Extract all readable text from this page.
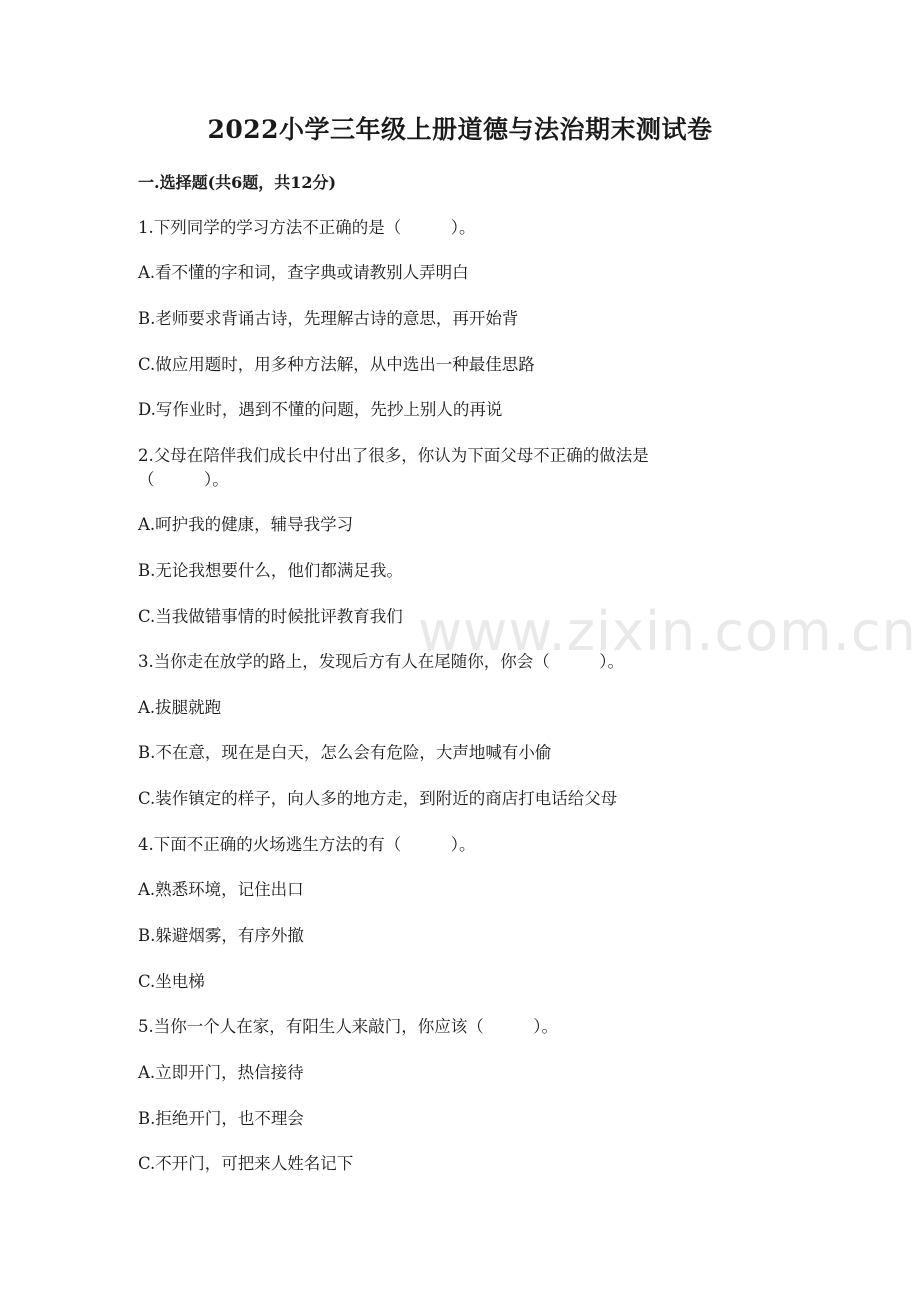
2022小学三年级上册道德与法治期末测试卷
一.选择题(共6题，共12分)
1.下列同学的学习方法不正确的是（　　　）。
A.看不懂的字和词，查字典或请教别人弄明白
B.老师要求背诵古诗，先理解古诗的意思，再开始背
C.做应用题时，用多种方法解，从中选出一种最佳思路
D.写作业时，遇到不懂的问题，先抄上别人的再说
2.父母在陪伴我们成长中付出了很多，你认为下面父母不正确的做法是
（　　　）。
A.呵护我的健康，辅导我学习
B.无论我想要什么，他们都满足我。
C.当我做错事情的时候批评教育我们
3.当你走在放学的路上，发现后方有人在尾随你，你会（　　　）。
A.拔腿就跑
B.不在意，现在是白天，怎么会有危险，大声地喊有小偷
C.装作镇定的样子，向人多的地方走，到附近的商店打电话给父母
4.下面不正确的火场逃生方法的有（　　　）。
A.熟悉环境，记住出口
B.躲避烟雾，有序外撤
C.坐电梯
5.当你一个人在家，有阳生人来敲门，你应该（　　　）。
A.立即开门，热信接待
B.拒绝开门，也不理会
C.不开门，可把来人姓名记下
www.zixin.com.cn
